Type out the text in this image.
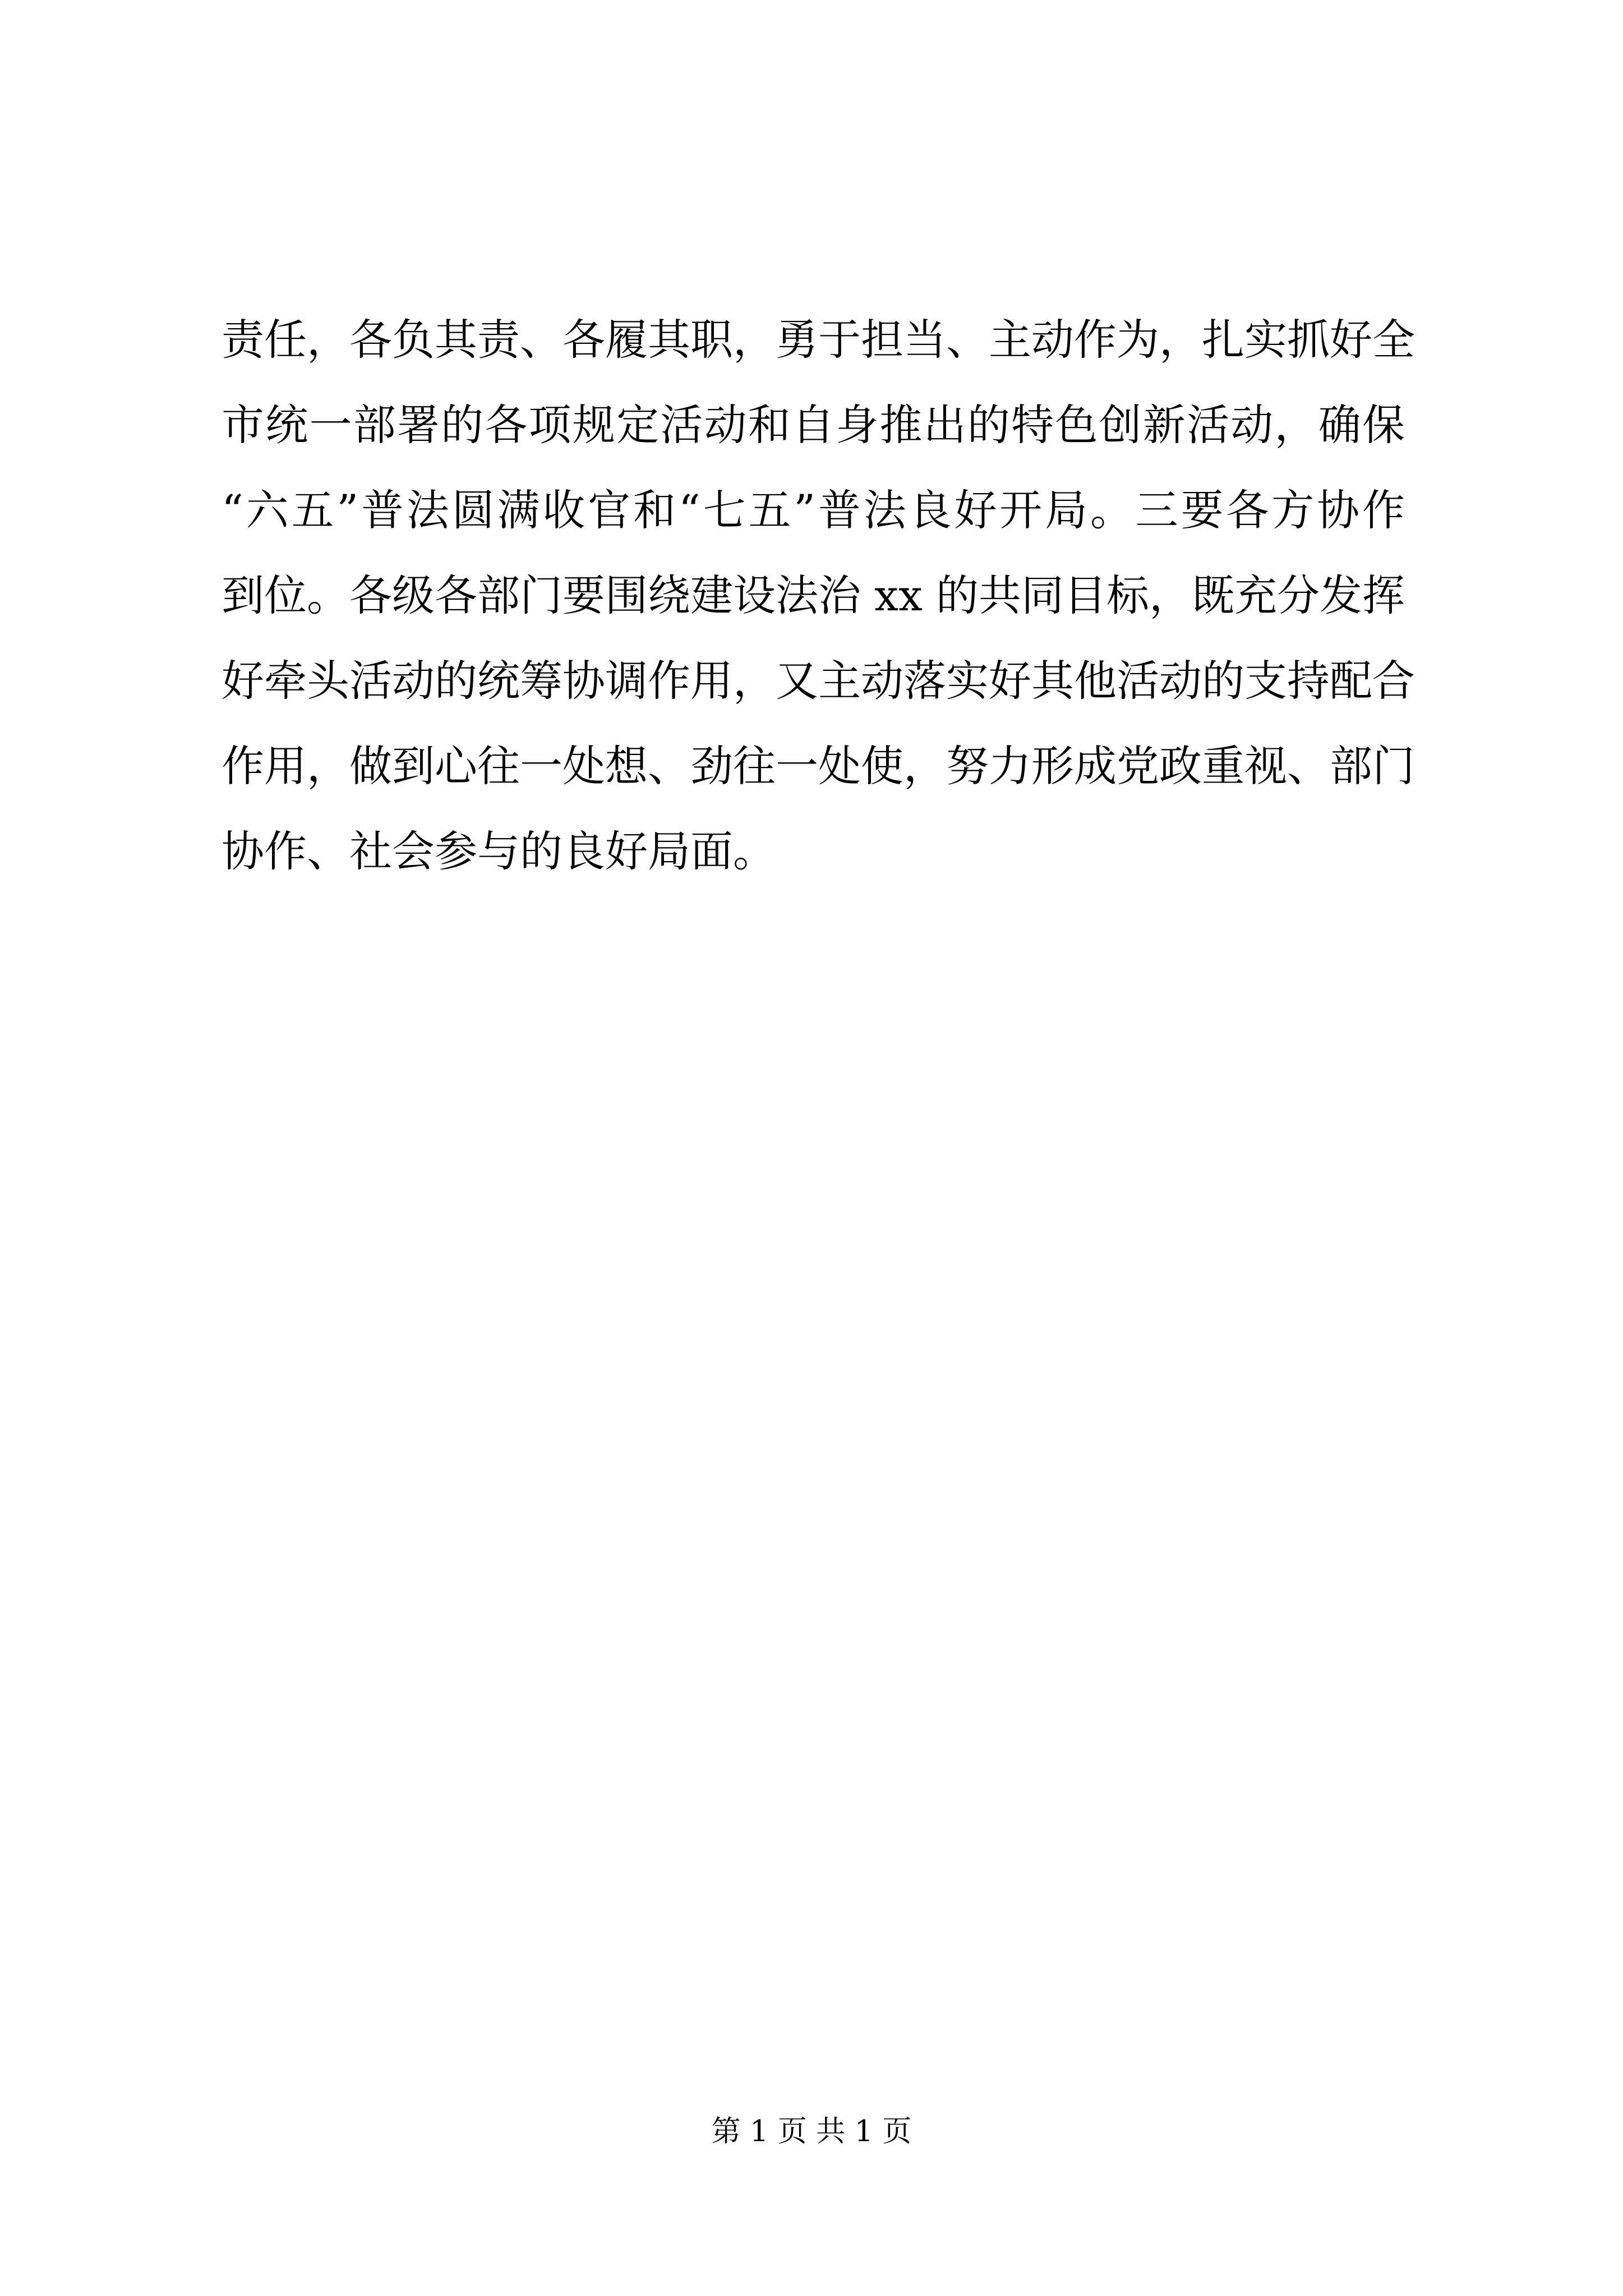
责任，各负其责、各履其职，勇于担当、主动作为，扎实抓好全
市统一部署的各项规定活动和自身推出的特色创新活动，确保
“六五”普法圆满收官和“七五”普法良好开局。三要各方协作
到位。各级各部门要围绕建设法治 xx 的共同目标，既充分发挥
好牵头活动的统筹协调作用，又主动落实好其他活动的支持配合
作用，做到心往一处想、劲往一处使，努力形成党政重视、部门
协作、社会参与的良好局面。
第 1 页 共 1 页
